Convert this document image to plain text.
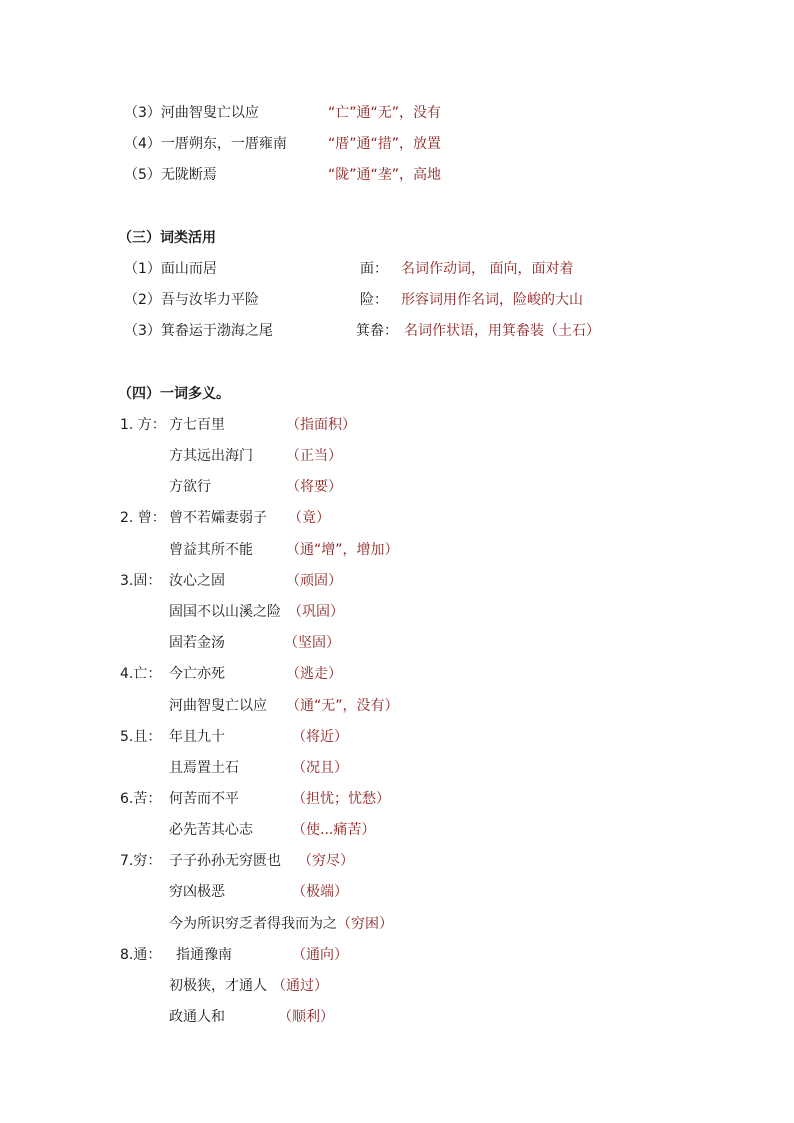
（3）河曲智叟亡以应	“亡”通“无”，没有
（4）一厝朔东，一厝雍南	“厝”通“措”，放置
（5）无陇断焉	“陇”通“垄”，高地
（三）词类活用
（1）面山而居	面： 名词作动词， 面向，面对着
（2）吾与汝毕力平险	险： 形容词用作名词，险峻的大山
（3）箕畚运于渤海之尾	箕畚： 名词作状语，用箕畚装（土石）
（四）一词多义。
1. 方： 方七百里	（指面积）
方其远出海门 （正当）
方欲行	（将要）
2. 曾： 曾不若孀妻弱子 （竟）
曾益其所不能 （通“增”，增加）
3.固： 汝心之固	（顽固）
固国不以山溪之险 （巩固）
固若金汤	（坚固）
4.亡： 今亡亦死	（逃走）
河曲智叟亡以应 （通“无”，没有）
5.且： 年且九十	（将近）
且焉置土石	（况且）
6.苦： 何苦而不平	（担忧；忧愁）
必先苦其心志	（使...痛苦）
7.穷： 子子孙孙无穷匮也 （穷尽）
穷凶极恶	（极端）
今为所识穷乏者得我而为之 （穷困）
8.通： 指通豫南	（通向）
初极狭，才通人 （通过）
政通人和	（顺利）
